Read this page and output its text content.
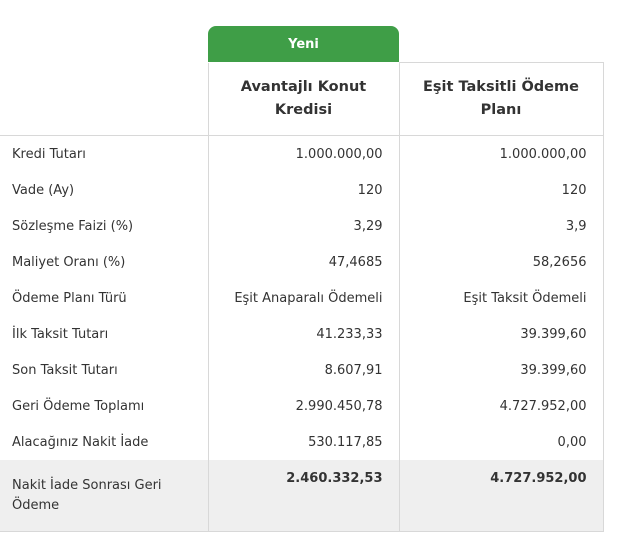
Yeni
	Avantajlı Konut Kredisi	Eşit Taksitli Ödeme Planı
Kredi Tutarı	1.000.000,00	1.000.000,00
Vade (Ay)	120	120
Sözleşme Faizi (%)	3,29	3,9
Maliyet Oranı (%)	47,4685	58,2656
Ödeme Planı Türü	Eşit Anaparalı Ödemeli	Eşit Taksit Ödemeli
İlk Taksit Tutarı	41.233,33	39.399,60
Son Taksit Tutarı	8.607,91	39.399,60
Geri Ödeme Toplamı	2.990.450,78	4.727.952,00
Alacağınız Nakit İade	530.117,85	0,00
Nakit İade Sonrası Geri Ödeme	2.460.332,53	4.727.952,00
